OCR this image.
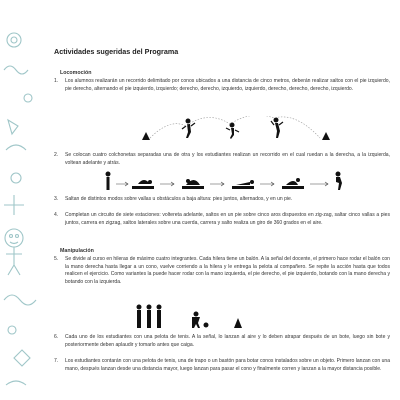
Actividades sugeridas del Programa
Locomoción
1.	Los alumnos realizarán un recorrido delimitado por conos ubicados a una distancia de cinco metros, deberán realizar saltos con el pie izquierdo, pie derecho, alternando el pie izquierdo, izquierdo; derecho, derecho, izquierdo, izquierdo, derecho, derecho, derecho, izquierdo.
2.	Se colocan cuatro colchonetas separadas una de otra y los estudiantes realizan un recorrido en el cual ruedan a la derecha, a la izquierda, voltean adelante y atrás.
3.	Saltan de distintos modos sobre vallas u obstáculos a baja altura: pies juntos, alternados, y en un pie.
4.	Completan un circuito de siete estaciones: voltereta adelante, saltos en un pie sobre cinco aros dispuestos en zig-zag, saltar cinco vallas a pies juntos, carrera en zigzag, saltos laterales sobre una cuerda, carrera y salto realiza un giro de 360 grados en el aire.
Manipulación
5.	Se divide al curso en hileras de máximo cuatro integrantes. Cada hilera tiene un balón. A la señal del docente, el primero hace rodar el balón con la mano derecha hasta llegar a un cono, vuelve corriendo a la hilera y le entrega la pelota al compañero. Se repite la acción hasta que todos realicen el ejercicio. Como variantes la puede hacer rodar con la mano izquierda, el pie derecho, el pie izquierdo, botando con la mano derecha y botando con la izquierda.
6.	Cada uno de los estudiantes con una pelota de tenis. A la señal, lo lanzan al aire y lo deben atrapar después de un bote, luego sin bote y posteriormente deben aplaudir y tomarlo antes que caiga.
7.	Los estudiantes contarán con una pelota de tenis, una de trapo o un bastón para botar conos instalados sobre un objeto. Primero lanzan con una mano, después lanzan desde una distancia mayor, luego lanzan para pasar el cono y finalmente corren y lanzan a la mayor distancia posible.
